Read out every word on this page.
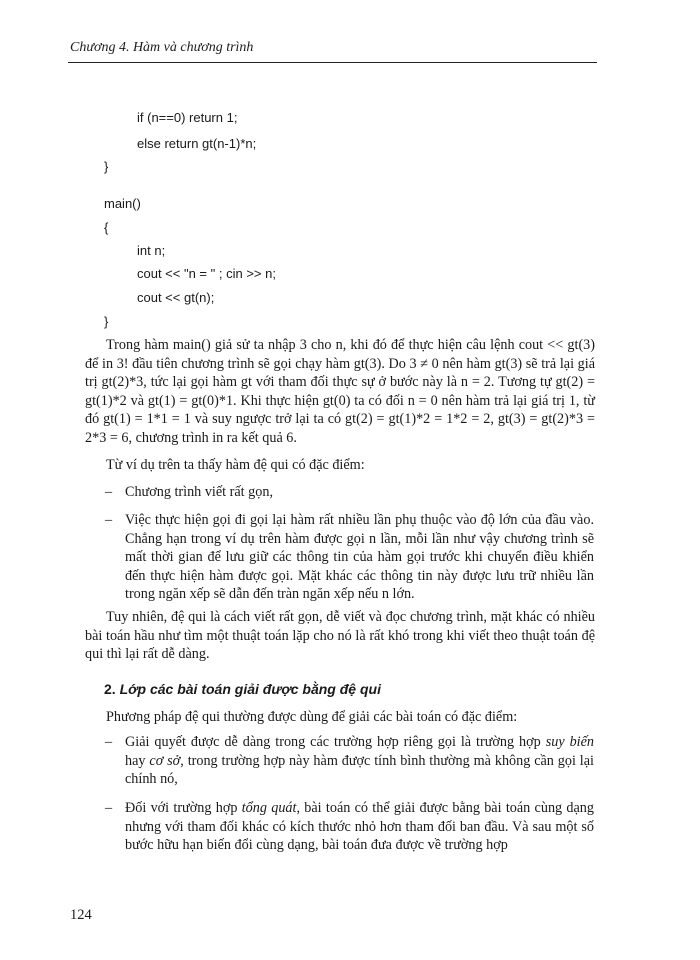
Chương 4. Hàm và chương trình
if (n==0) return 1;
else return gt(n-1)*n;
}
main()
{
int n;
cout << "n = " ; cin >> n;
cout << gt(n);
}
Trong hàm main() giả sử ta nhập 3 cho n, khi đó để thực hiện câu lệnh cout << gt(3) để in 3! đầu tiên chương trình sẽ gọi chạy hàm gt(3). Do 3 ≠ 0 nên hàm gt(3) sẽ trả lại giá trị gt(2)*3, tức lại gọi hàm gt với tham đối thực sự ở bước này là n = 2. Tương tự gt(2) = gt(1)*2 và gt(1) = gt(0)*1. Khi thực hiện gt(0) ta có đối n = 0 nên hàm trả lại giá trị 1, từ đó gt(1) = 1*1 = 1 và suy ngược trở lại ta có gt(2) = gt(1)*2 = 1*2 = 2, gt(3) = gt(2)*3 = 2*3 = 6, chương trình in ra kết quả 6.
Từ ví dụ trên ta thấy hàm đệ qui có đặc điểm:
– Chương trình viết rất gọn,
– Việc thực hiện gọi đi gọi lại hàm rất nhiều lần phụ thuộc vào độ lớn của đầu vào. Chẳng hạn trong ví dụ trên hàm được gọi n lần, mỗi lần như vậy chương trình sẽ mất thời gian để lưu giữ các thông tin của hàm gọi trước khi chuyển điều khiển đến thực hiện hàm được gọi. Mặt khác các thông tin này được lưu trữ nhiều lần trong ngăn xếp sẽ dẫn đến tràn ngăn xếp nếu n lớn.
Tuy nhiên, đệ qui là cách viết rất gọn, dễ viết và đọc chương trình, mặt khác có nhiều bài toán hầu như tìm một thuật toán lặp cho nó là rất khó trong khi viết theo thuật toán đệ qui thì lại rất dễ dàng.
2. Lớp các bài toán giải được bằng đệ qui
Phương pháp đệ qui thường được dùng để giải các bài toán có đặc điểm:
– Giải quyết được dễ dàng trong các trường hợp riêng gọi là trường hợp suy biến hay cơ sở, trong trường hợp này hàm được tính bình thường mà không cần gọi lại chính nó,
– Đối với trường hợp tổng quát, bài toán có thể giải được bằng bài toán cùng dạng nhưng với tham đối khác có kích thước nhỏ hơn tham đối ban đầu. Và sau một số bước hữu hạn biến đổi cùng dạng, bài toán đưa được về trường hợp
124
